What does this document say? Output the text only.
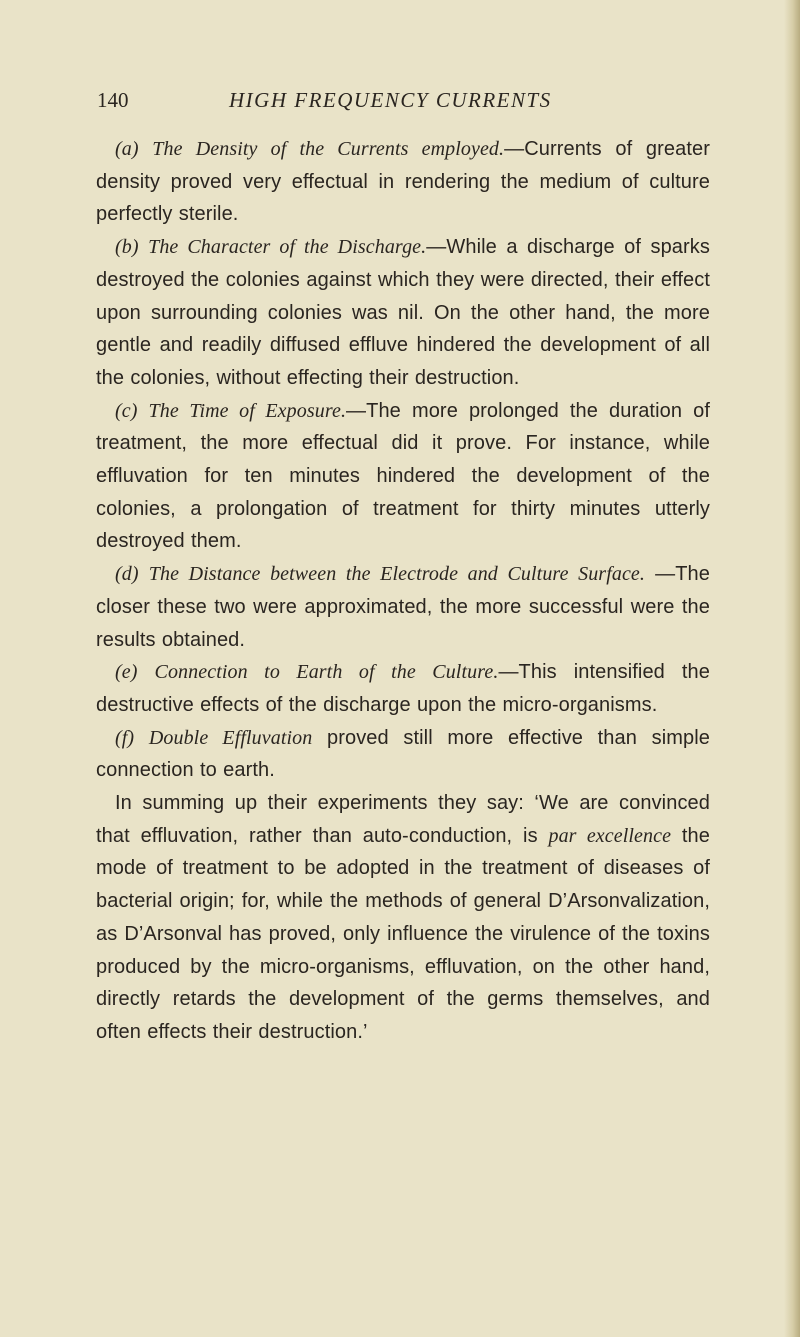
140	HIGH FREQUENCY CURRENTS

(a) The Density of the Currents employed.—Currents of greater density proved very effectual in rendering the medium of culture perfectly sterile.

(b) The Character of the Discharge.—While a discharge of sparks destroyed the colonies against which they were directed, their effect upon surrounding colonies was nil. On the other hand, the more gentle and readily diffused effluve hindered the development of all the colonies, without effecting their destruction.

(c) The Time of Exposure.—The more prolonged the duration of treatment, the more effectual did it prove. For instance, while effluvation for ten minutes hindered the development of the colonies, a prolongation of treatment for thirty minutes utterly destroyed them.

(d) The Distance between the Electrode and Culture Surface. —The closer these two were approximated, the more successful were the results obtained.

(e) Connection to Earth of the Culture.—This intensified the destructive effects of the discharge upon the micro-organisms.

(f) Double Effluvation proved still more effective than simple connection to earth.

In summing up their experiments they say: ‘We are convinced that effluvation, rather than auto-conduction, is par excellence the mode of treatment to be adopted in the treatment of diseases of bacterial origin; for, while the methods of general D’Arsonvalization, as D’Arsonval has proved, only influence the virulence of the toxins produced by the micro-organisms, effluvation, on the other hand, directly retards the development of the germs themselves, and often effects their destruction.’
